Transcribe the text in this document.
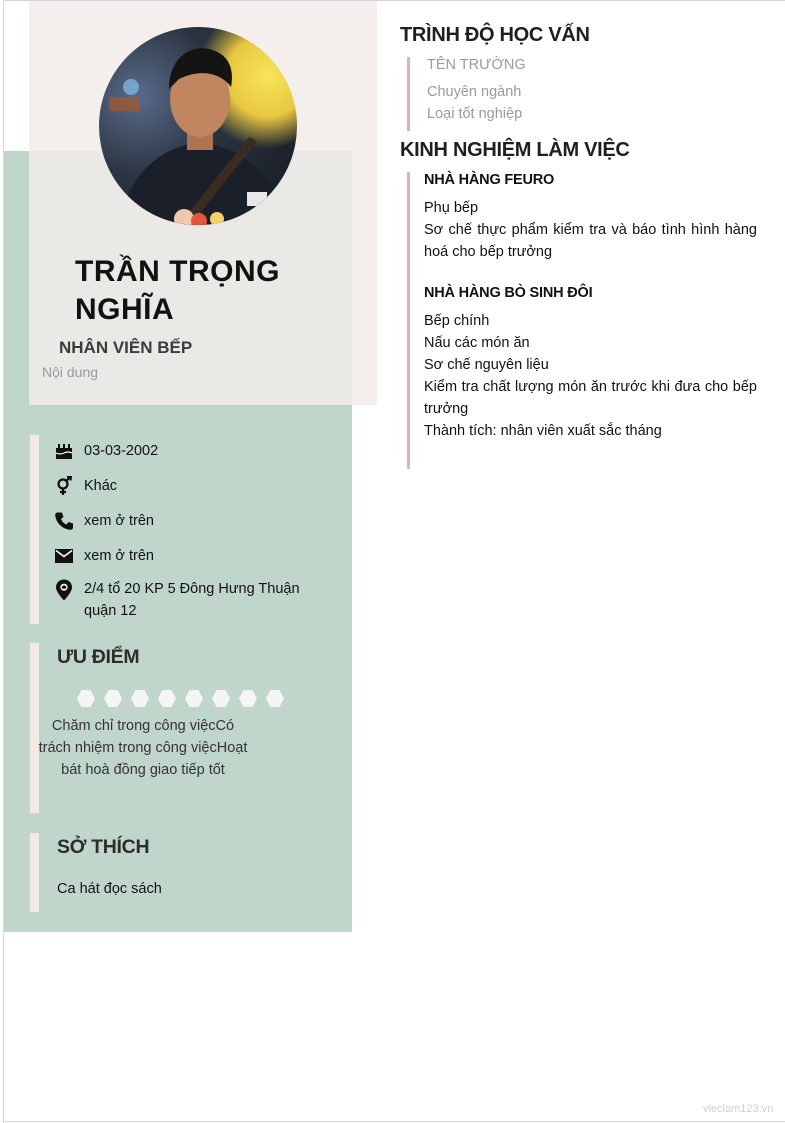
TRẦN TRỌNG NGHĨA
NHÂN VIÊN BẾP
Nội dung
03-03-2002
Khác
xem ở trên
xem ở trên
2/4 tổ 20 KP 5 Đông Hưng Thuận quận 12
ƯU ĐIỂM
Chăm chỉ trong công việcCó trách nhiệm trong công việcHoạt bát hoà đồng giao tiếp tốt
SỞ THÍCH
Ca hát đọc sách
TRÌNH ĐỘ HỌC VẤN
TÊN TRƯỜNG
Chuyên ngành
Loại tốt nghiệp
KINH NGHIỆM LÀM VIỆC
NHÀ HÀNG FEURO
Phụ bếp
Sơ chế thực phẩm kiểm tra và báo tình hình hàng hoá cho bếp trưởng
NHÀ HÀNG BÒ SINH ĐÔI
Bếp chính
Nấu các món ăn
Sơ chế nguyên liệu
Kiểm tra chất lượng món ăn trước khi đưa cho bếp trưởng
Thành tích: nhân viên xuất sắc tháng
vieclam123.vn
